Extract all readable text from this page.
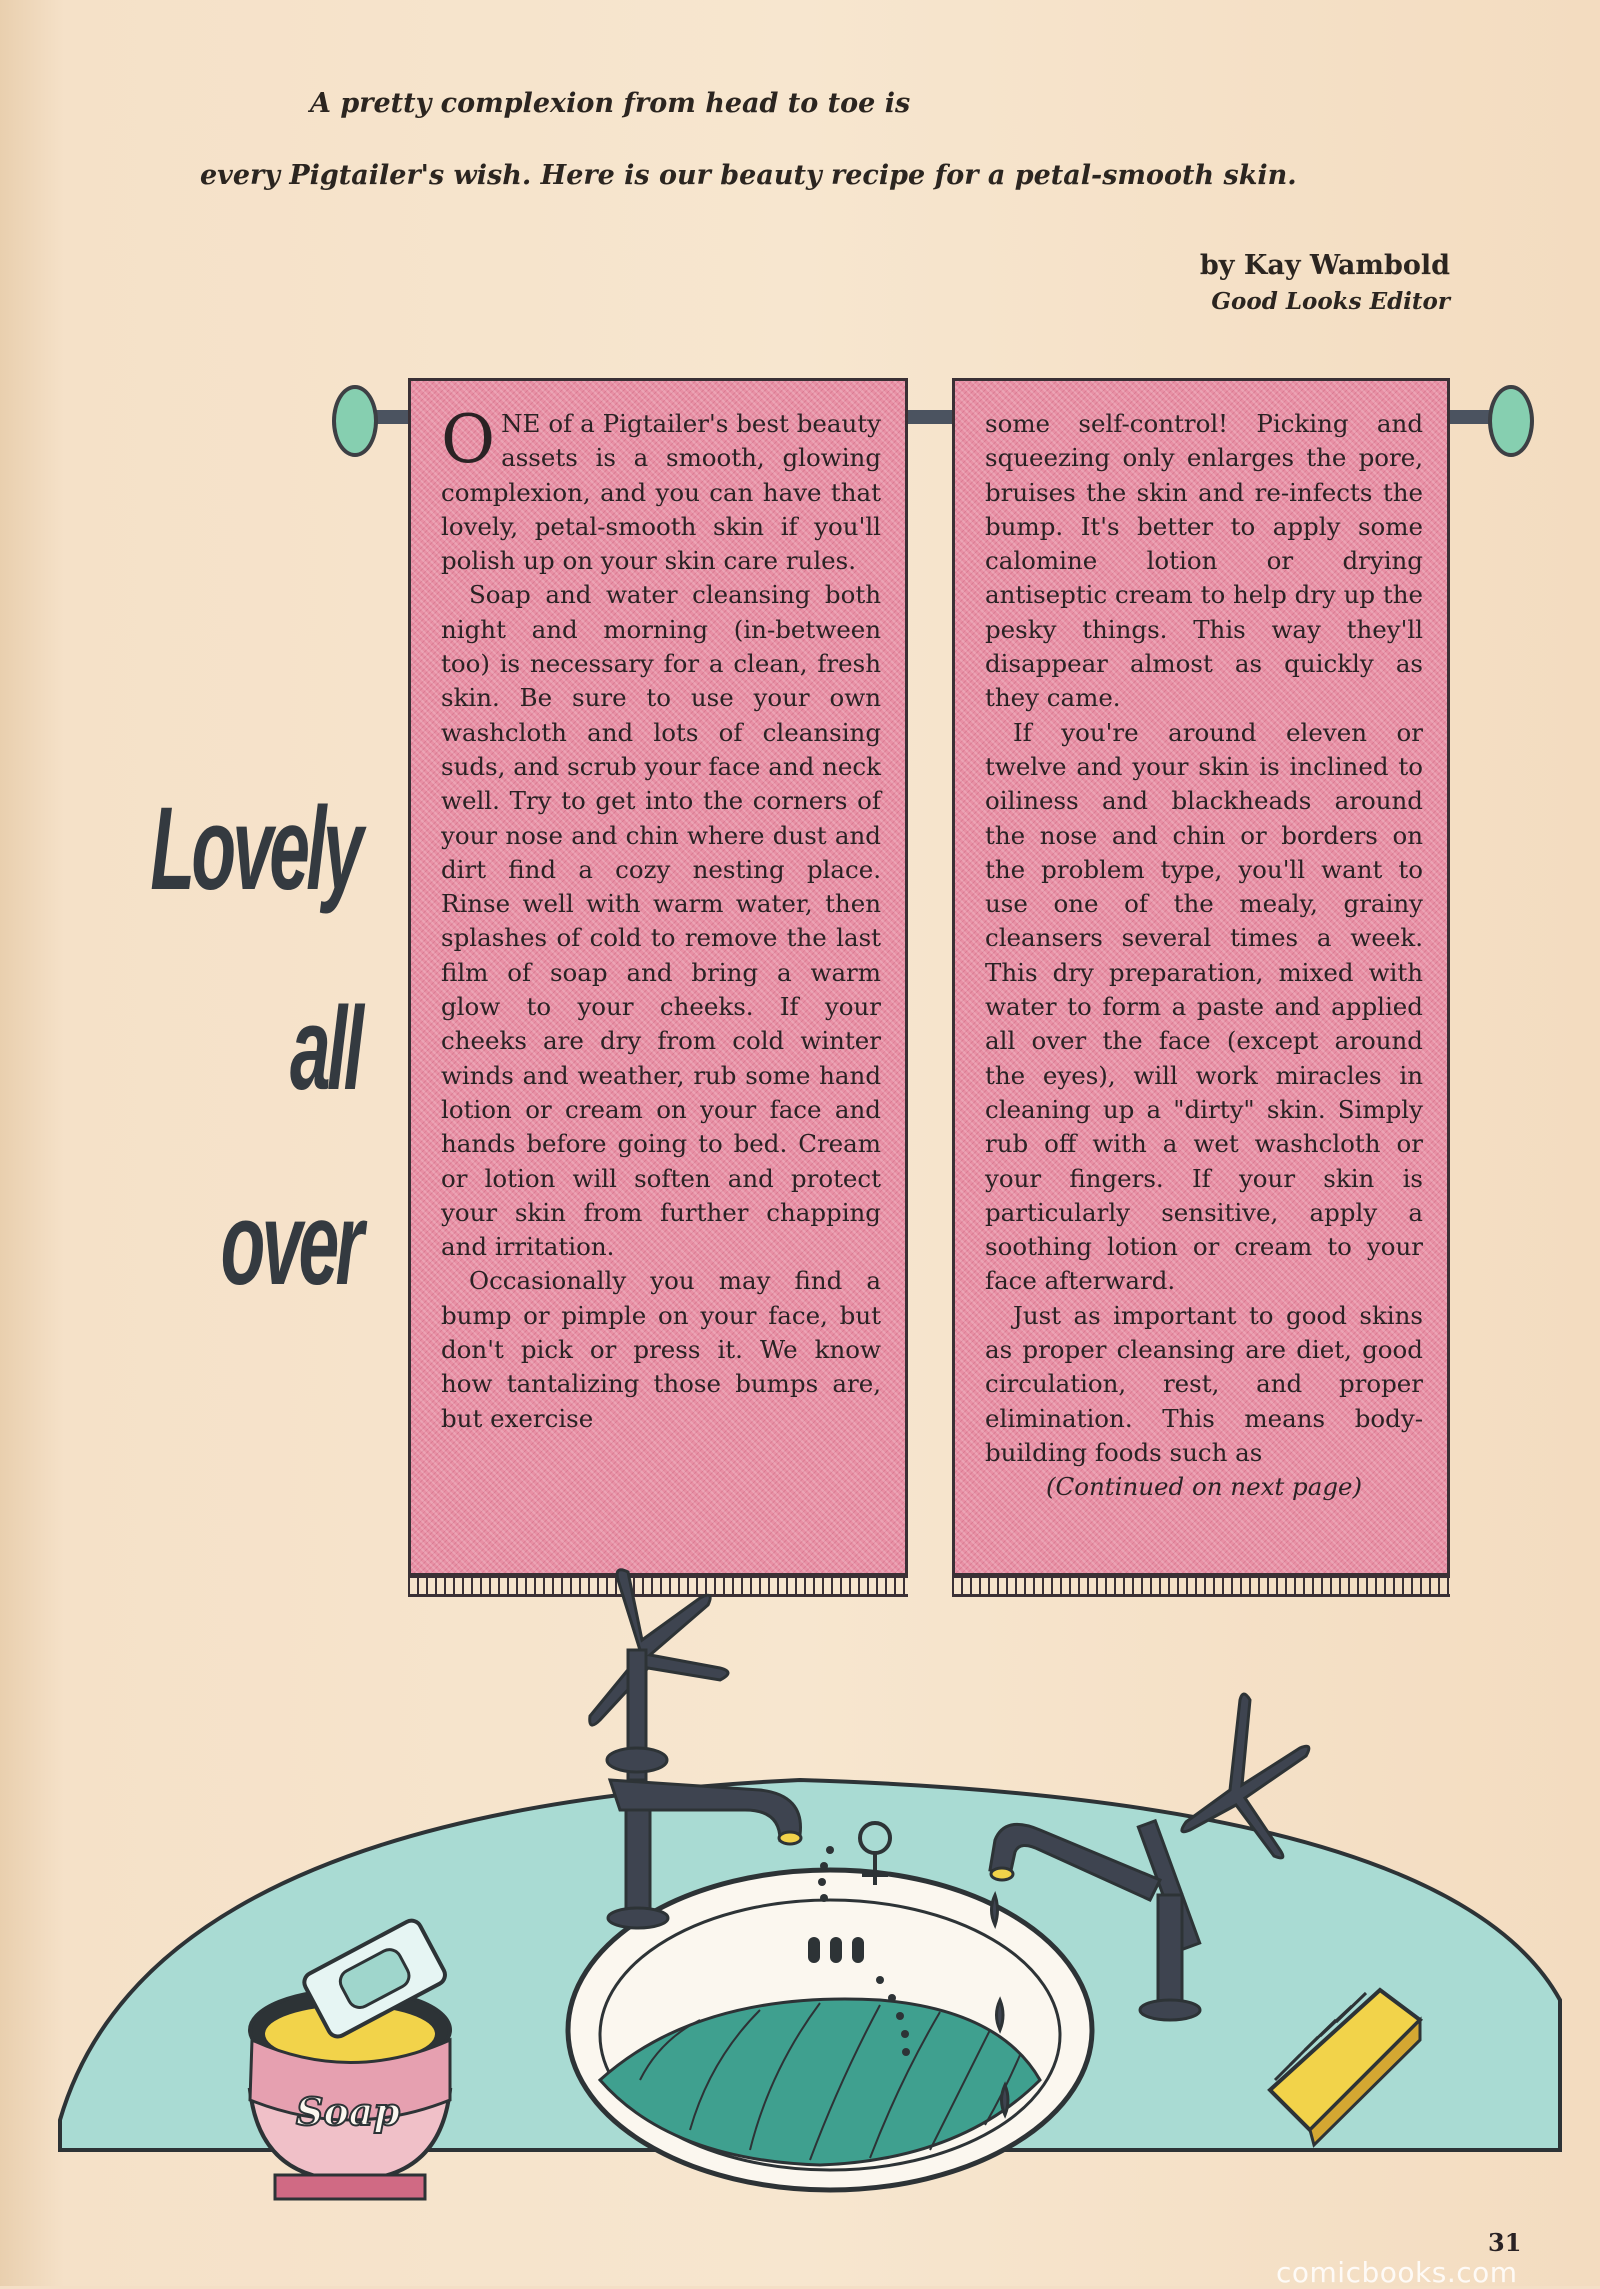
A pretty complexion from head to toe is

every Pigtailer's wish. Here is our beauty recipe for a petal-smooth skin.

by Kay Wambold

Good Looks Editor

Lovely

all

over

ONE of a Pigtailer's best beauty assets is a smooth, glowing complexion, and you can have that lovely, petal-smooth skin if you'll polish up on your skin care rules.

Soap and water cleansing both night and morning (in-between too) is necessary for a clean, fresh skin. Be sure to use your own washcloth and lots of cleansing suds, and scrub your face and neck well. Try to get into the corners of your nose and chin where dust and dirt find a cozy nesting place. Rinse well with warm water, then splashes of cold to remove the last film of soap and bring a warm glow to your cheeks. If your cheeks are dry from cold winter winds and weather, rub some hand lotion or cream on your face and hands before going to bed. Cream or lotion will soften and protect your skin from further chapping and irritation.

Occasionally you may find a bump or pimple on your face, but don't pick or press it. We know how tantalizing those bumps are, but exercise

some self-control! Picking and squeezing only enlarges the pore, bruises the skin and re-infects the bump. It's better to apply some calomine lotion or drying antiseptic cream to help dry up the pesky things. This way they'll disappear almost as quickly as they came.

If you're around eleven or twelve and your skin is inclined to oiliness and blackheads around the nose and chin or borders on the problem type, you'll want to use one of the mealy, grainy cleansers several times a week. This dry preparation, mixed with water to form a paste and applied all over the face (except around the eyes), will work miracles in cleaning up a "dirty" skin. Simply rub off with a wet washcloth or your fingers. If your skin is particularly sensitive, apply a soothing lotion or cream to your face afterward.

Just as important to good skins as proper cleansing are diet, good circulation, rest, and proper elimination. This means body-building foods such as

(Continued on next page)

Soap
31
comicbooks.com
